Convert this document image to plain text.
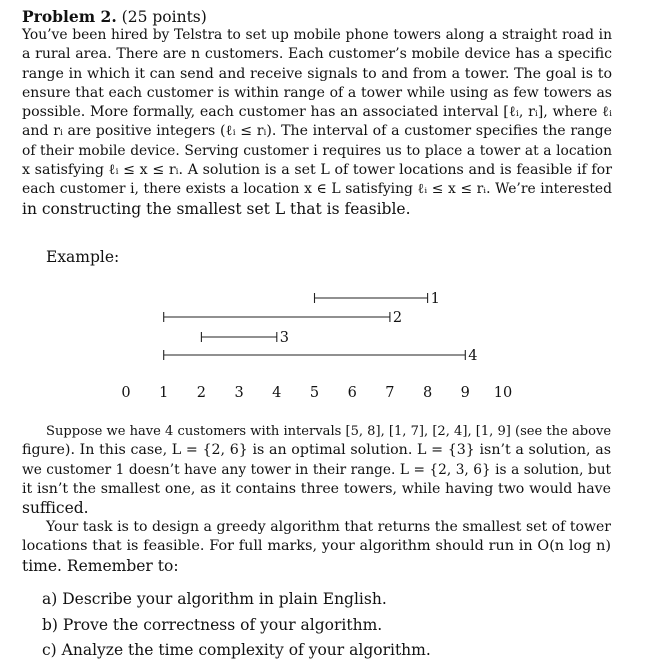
Problem 2. (25 points)
You’ve been hired by Telstra to set up mobile phone towers along a straight road in
a rural area. There are n customers. Each customer’s mobile device has a specific
range in which it can send and receive signals to and from a tower. The goal is to
ensure that each customer is within range of a tower while using as few towers as
possible. More formally, each customer has an associated interval [ℓᵢ, rᵢ], where ℓᵢ
and rᵢ are positive integers (ℓᵢ ≤ rᵢ). The interval of a customer specifies the range
of their mobile device. Serving customer i requires us to place a tower at a location
x satisfying ℓᵢ ≤ x ≤ rᵢ. A solution is a set L of tower locations and is feasible if for
each customer i, there exists a location x ∈ L satisfying ℓᵢ ≤ x ≤ rᵢ. We’re interested
in constructing the smallest set L that is feasible.
Example:
1
2
3
4
0 1 2 3 4 5 6 7 8 9 10
Suppose we have 4 customers with intervals [5, 8], [1, 7], [2, 4], [1, 9] (see the above
figure). In this case, L = {2, 6} is an optimal solution. L = {3} isn’t a solution, as
we customer 1 doesn’t have any tower in their range. L = {2, 3, 6} is a solution, but
it isn’t the smallest one, as it contains three towers, while having two would have
sufficed.
Your task is to design a greedy algorithm that returns the smallest set of tower
locations that is feasible. For full marks, your algorithm should run in O(n log n)
time. Remember to:
a) Describe your algorithm in plain English.
b) Prove the correctness of your algorithm.
c) Analyze the time complexity of your algorithm.
